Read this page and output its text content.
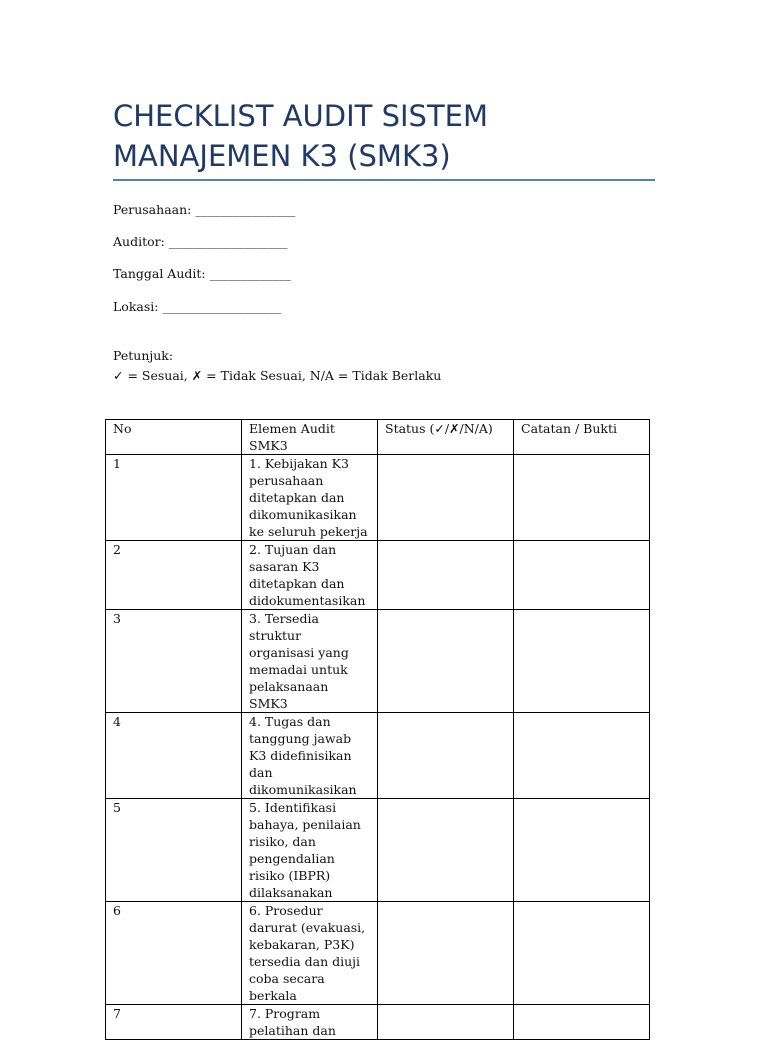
CHECKLIST AUDIT SISTEM MANAJEMEN K3 (SMK3)
Perusahaan: ________________
Auditor: ___________________
Tanggal Audit: _____________
Lokasi: ___________________
Petunjuk:
✓ = Sesuai, ✗ = Tidak Sesuai, N/A = Tidak Berlaku
No	Elemen Audit SMK3	Status (✓/✗/N/A)	Catatan / Bukti
1	1. Kebijakan K3 perusahaan ditetapkan dan dikomunikasikan ke seluruh pekerja		
2	2. Tujuan dan sasaran K3 ditetapkan dan didokumentasikan		
3	3. Tersedia struktur organisasi yang memadai untuk pelaksanaan SMK3		
4	4. Tugas dan tanggung jawab K3 didefinisikan dan dikomunikasikan		
5	5. Identifikasi bahaya, penilaian risiko, dan pengendalian risiko (IBPR) dilaksanakan		
6	6. Prosedur darurat (evakuasi, kebakaran, P3K) tersedia dan diuji coba secara berkala		
7	7. Program pelatihan dan		
